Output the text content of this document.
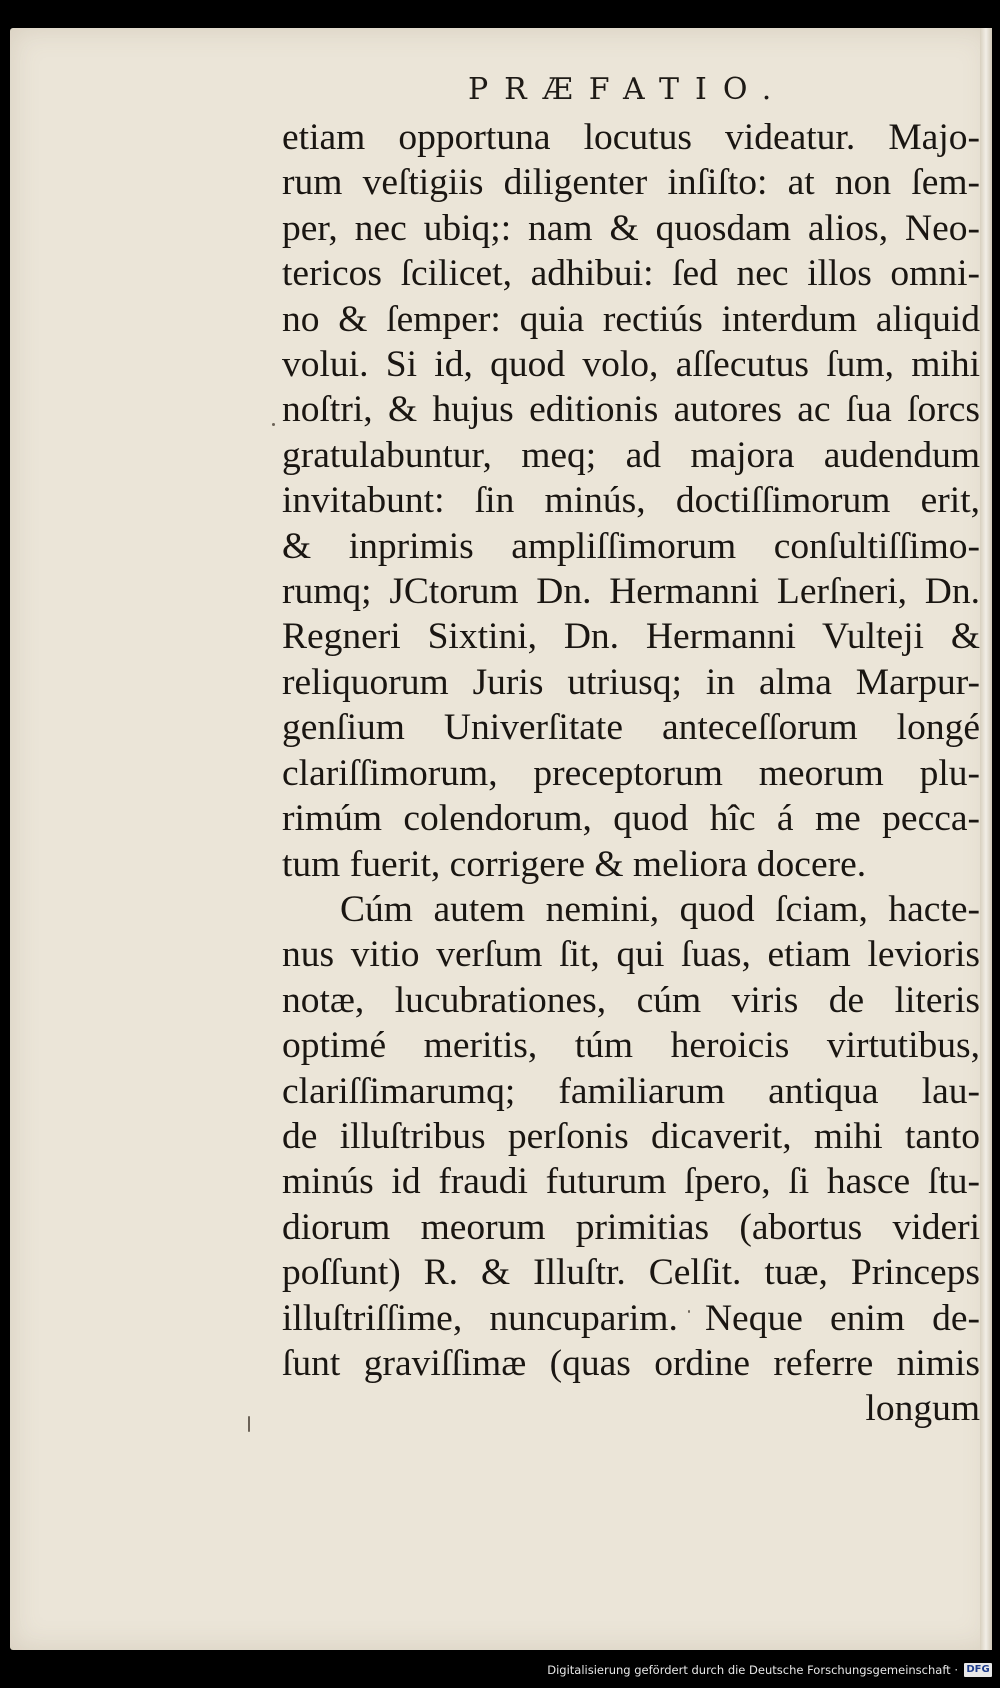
PRÆFATIO.
etiam opportuna locutus videatur. Majo-
rum veſtigiis diligenter inſiſto: at non ſem-
per, nec ubiq;: nam & quosdam alios, Neo-
tericos ſcilicet, adhibui: ſed nec illos omni-
no & ſemper: quia rectiús interdum aliquid
volui. Si id, quod volo, aſſecutus ſum, mihi
noſtri, & hujus editionis autores ac ſua ſorcs
gratulabuntur, meq; ad majora audendum
invitabunt: ſin minús, doctiſſimorum erit,
& inprimis ampliſſimorum conſultiſſimo-
rumq; JCtorum Dn. Hermanni Lerſneri, Dn.
Regneri Sixtini, Dn. Hermanni Vulteji &
reliquorum Juris utriusq; in alma Marpur-
genſium Univerſitate anteceſſorum longé
clariſſimorum, preceptorum meorum plu-
rimúm colendorum, quod hîc á me pecca-
tum fuerit, corrigere & meliora docere.
Cúm autem nemini, quod ſciam, hacte-
nus vitio verſum ſit, qui ſuas, etiam levioris
notæ, lucubrationes, cúm viris de literis
optimé meritis, túm heroicis virtutibus,
clariſſimarumq; familiarum antiqua lau-
de illuſtribus perſonis dicaverit, mihi tanto
minús id fraudi futurum ſpero, ſi hasce ſtu-
diorum meorum primitias (abortus videri
poſſunt) R. & Illuſtr. Celſit. tuæ, Princeps
illuſtriſſime, nuncuparim. Neque enim de-
ſunt graviſſimæ (quas ordine referre nimis
longum
Digitalisierung gefördert durch die Deutsche Forschungsgemeinschaft · DFG
